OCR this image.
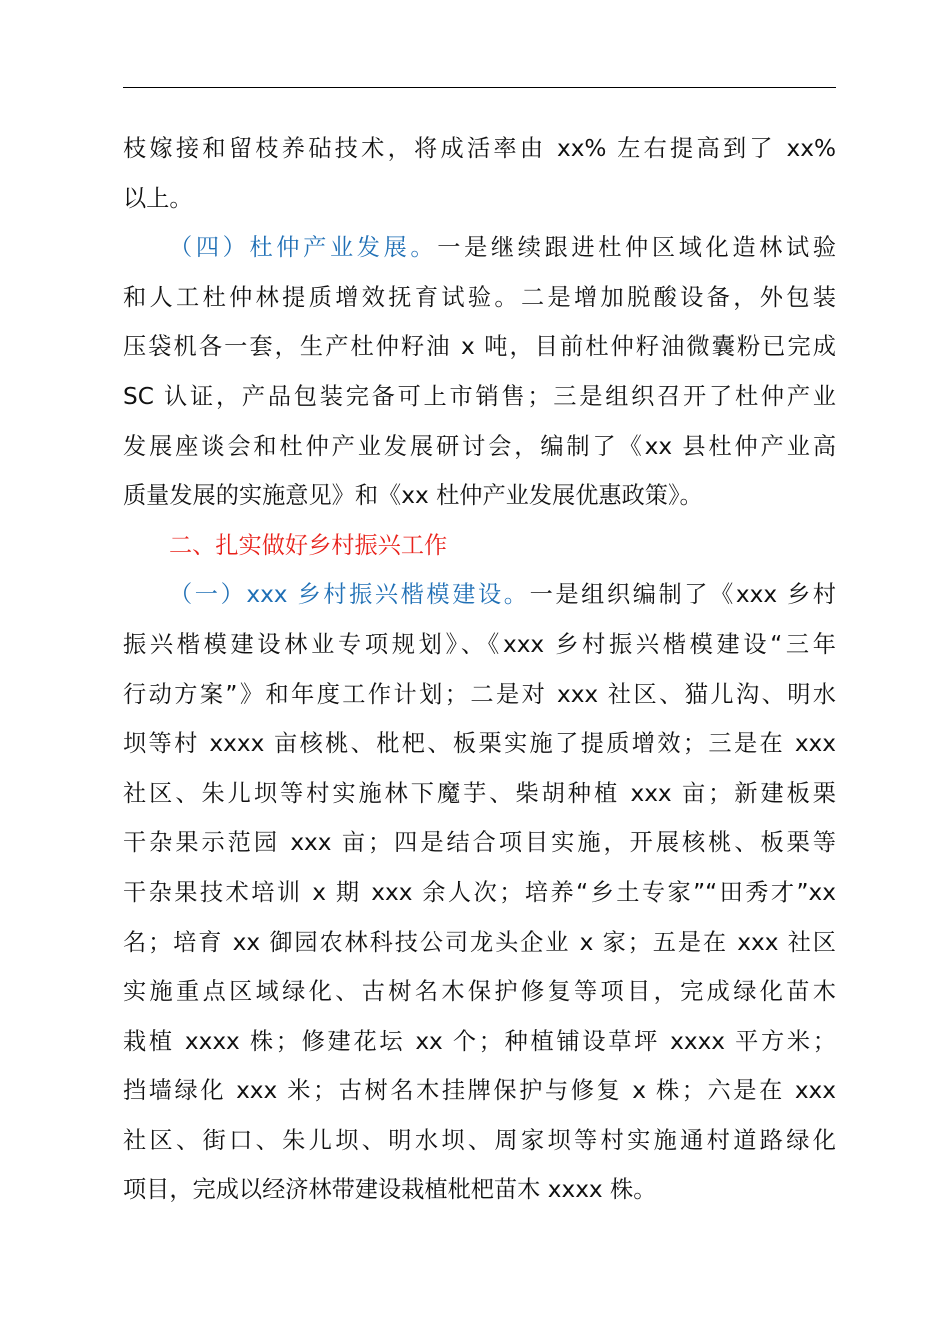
枝嫁接和留枝养砧技术，将成活率由 xx% 左右提高到了 xx%
以上。
（四）杜仲产业发展。一是继续跟进杜仲区域化造林试验
和人工杜仲林提质增效抚育试验。二是增加脱酸设备，外包装
压袋机各一套，生产杜仲籽油 x 吨，目前杜仲籽油微囊粉已完成
SC 认证，产品包装完备可上市销售；三是组织召开了杜仲产业
发展座谈会和杜仲产业发展研讨会，编制了《xx 县杜仲产业高
质量发展的实施意见》和《xx 杜仲产业发展优惠政策》。
二、扎实做好乡村振兴工作
（一）xxx 乡村振兴楷模建设。一是组织编制了《xxx 乡村
振兴楷模建设林业专项规划》、《xxx 乡村振兴楷模建设“三年
行动方案”》和年度工作计划；二是对 xxx 社区、猫儿沟、明水
坝等村 xxxx 亩核桃、枇杷、板栗实施了提质增效；三是在 xxx
社区、朱儿坝等村实施林下魔芋、柴胡种植 xxx 亩；新建板栗
干杂果示范园 xxx 亩；四是结合项目实施，开展核桃、板栗等
干杂果技术培训 x 期 xxx 余人次；培养“乡土专家”“田秀才”xx
名；培育 xx 御园农林科技公司龙头企业 x 家；五是在 xxx 社区
实施重点区域绿化、古树名木保护修复等项目，完成绿化苗木
栽植 xxxx 株；修建花坛 xx 个；种植铺设草坪 xxxx 平方米；
挡墙绿化 xxx 米；古树名木挂牌保护与修复 x 株；六是在 xxx
社区、街口、朱儿坝、明水坝、周家坝等村实施通村道路绿化
项目，完成以经济林带建设栽植枇杷苗木 xxxx 株。
